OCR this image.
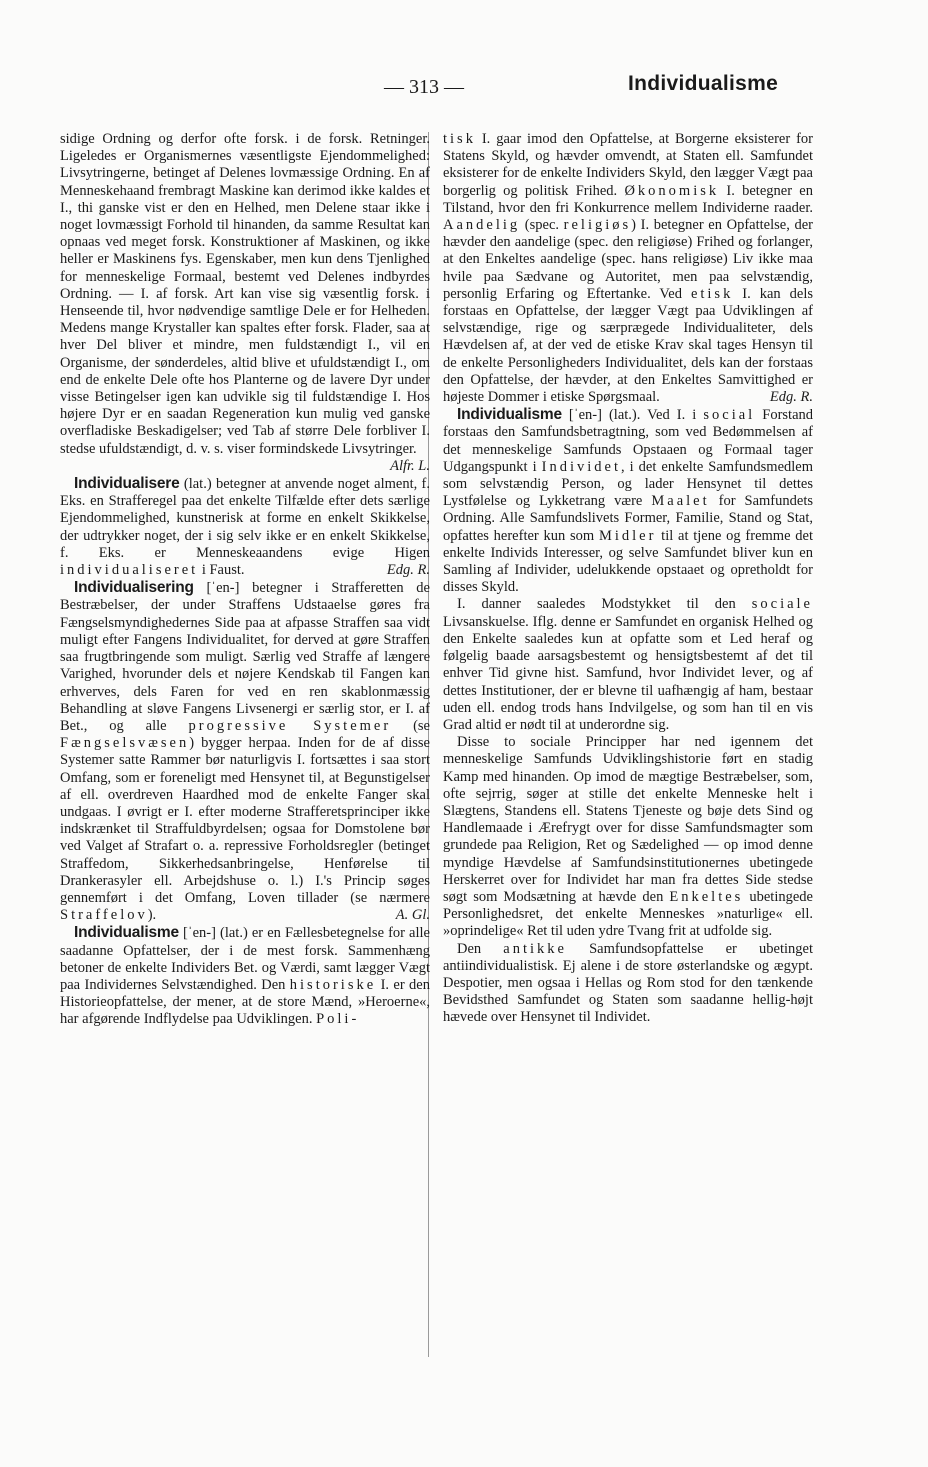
— 313 —	Individualisme

sidige Ordning og derfor ofte forsk. i de forsk. Retninger. Ligeledes er Organismernes væsentligste Ejendommelighed: Livsytringerne, betinget af Delenes lovmæssige Ordning. En af Menneskehaand frembragt Maskine kan derimod ikke kaldes et I., thi ganske vist er den en Helhed, men Delene staar ikke i noget lovmæssigt Forhold til hinanden, da samme Resultat kan opnaas ved meget forsk. Konstruktioner af Maskinen, og ikke heller er Maskinens fys. Egenskaber, men kun dens Tjenlighed for menneskelige Formaal, bestemt ved Delenes indbyrdes Ordning. — I. af forsk. Art kan vise sig væsentlig forsk. i Henseende til, hvor nødvendige samtlige Dele er for Helheden. Medens mange Krystaller kan spaltes efter forsk. Flader, saa at hver Del bliver et mindre, men fuldstændigt I., vil en Organisme, der sønderdeles, altid blive et ufuldstændigt I., om end de enkelte Dele ofte hos Planterne og de lavere Dyr under visse Betingelser igen kan udvikle sig til fuldstændige I. Hos højere Dyr er en saadan Regeneration kun mulig ved ganske overfladiske Beskadigelser; ved Tab af større Dele forbliver I. stedse ufuldstændigt, d. v. s. viser formindskede Livsytringer.
Alfr. L.

Individualisere (lat.) betegner at anvende noget alment, f. Eks. en Strafferegel paa det enkelte Tilfælde efter dets særlige Ejendommelighed, kunstnerisk at forme en enkelt Skikkelse, der udtrykker noget, der i sig selv ikke er en enkelt Skikkelse, f. Eks. er Menneskeaandens evige Higen individualiseret i Faust.	Edg. R.

Individualisering [ˈen-] betegner i Strafferetten de Bestræbelser, der under Straffens Udstaaelse gøres fra Fængselsmyndighedernes Side paa at afpasse Straffen saa vidt muligt efter Fangens Individualitet, for derved at gøre Straffen saa frugtbringende som muligt. Særlig ved Straffe af længere Varighed, hvorunder dels et nøjere Kendskab til Fangen kan erhverves, dels Faren for ved en ren skablonmæssig Behandling at sløve Fangens Livsenergi er særlig stor, er I. af Bet., og alle progressive Systemer (se Fængselsvæsen) bygger herpaa. Inden for de af disse Systemer satte Rammer bør naturligvis I. fortsættes i saa stort Omfang, som er foreneligt med Hensynet til, at Begunstigelser af ell. overdreven Haardhed mod de enkelte Fanger skal undgaas. I øvrigt er I. efter moderne Strafferetsprinciper ikke indskrænket til Straffuldbyrdelsen; ogsaa for Domstolene bør ved Valget af Strafart o. a. repressive Forholdsregler (betinget Straffedom, Sikkerhedsanbringelse, Henførelse til Drankerasyler ell. Arbejdshuse o. l.) I.'s Princip søges gennemført i det Omfang, Loven tillader (se nærmere Straffelov).	A. Gl.

Individualisme [ˈen-] (lat.) er en Fællesbetegnelse for alle saadanne Opfattelser, der i de mest forsk. Sammenhæng betoner de enkelte Individers Bet. og Værdi, samt lægger Vægt paa Individernes Selvstændighed. Den historiske I. er den Historieopfattelse, der mener, at de store Mænd, »Heroerne«, har afgørende Indflydelse paa Udviklingen. Poli-

tisk I. gaar imod den Opfattelse, at Borgerne eksisterer for Statens Skyld, og hævder omvendt, at Staten ell. Samfundet eksisterer for de enkelte Individers Skyld, den lægger Vægt paa borgerlig og politisk Frihed. Økonomisk I. betegner en Tilstand, hvor den fri Konkurrence mellem Individerne raader. Aandelig (spec. religiøs) I. betegner en Opfattelse, der hævder den aandelige (spec. den religiøse) Frihed og forlanger, at den Enkeltes aandelige (spec. hans religiøse) Liv ikke maa hvile paa Sædvane og Autoritet, men paa selvstændig, personlig Erfaring og Eftertanke. Ved etisk I. kan dels forstaas en Opfattelse, der lægger Vægt paa Udviklingen af selvstændige, rige og særprægede Individualiteter, dels Hævdelsen af, at der ved de etiske Krav skal tages Hensyn til de enkelte Personligheders Individualitet, dels kan der forstaas den Opfattelse, der hævder, at den Enkeltes Samvittighed er højeste Dommer i etiske Spørgsmaal.	Edg. R.

Individualisme [ˈen-] (lat.). Ved I. i social Forstand forstaas den Samfundsbetragtning, som ved Bedømmelsen af det menneskelige Samfunds Opstaaen og Formaal tager Udgangspunkt i Individet, i det enkelte Samfundsmedlem som selvstændig Person, og lader Hensynet til dettes Lystfølelse og Lykketrang være Maalet for Samfundets Ordning. Alle Samfundslivets Former, Familie, Stand og Stat, opfattes herefter kun som Midler til at tjene og fremme det enkelte Individs Interesser, og selve Samfundet bliver kun en Samling af Individer, udelukkende opstaaet og opretholdt for disses Skyld.

I. danner saaledes Modstykket til den sociale Livsanskuelse. Iflg. denne er Samfundet en organisk Helhed og den Enkelte saaledes kun at opfatte som et Led heraf og følgelig baade aarsagsbestemt og hensigtsbestemt af det til enhver Tid givne hist. Samfund, hvor Individet lever, og af dettes Institutioner, der er blevne til uafhængig af ham, bestaar uden ell. endog trods hans Indvilgelse, og som han til en vis Grad altid er nødt til at underordne sig.

Disse to sociale Principper har ned igennem det menneskelige Samfunds Udviklingshistorie ført en stadig Kamp med hinanden. Op imod de mægtige Bestræbelser, som, ofte sejrrig, søger at stille det enkelte Menneske helt i Slægtens, Standens ell. Statens Tjeneste og bøje dets Sind og Handlemaade i Ærefrygt over for disse Samfundsmagter som grundede paa Religion, Ret og Sædelighed — op imod denne myndige Hævdelse af Samfundsinstitutionernes ubetingede Herskerret over for Individet har man fra dettes Side stedse søgt som Modsætning at hævde den Enkeltes ubetingede Personlighedsret, det enkelte Menneskes »naturlige« ell. »oprindelige« Ret til uden ydre Tvang frit at udfolde sig.

Den antikke Samfundsopfattelse er ubetinget antiindividualistisk. Ej alene i de store østerlandske og ægypt. Despotier, men ogsaa i Hellas og Rom stod for den tænkende Bevidsthed Samfundet og Staten som saadanne hellig-højt hævede over Hensynet til Individet.
